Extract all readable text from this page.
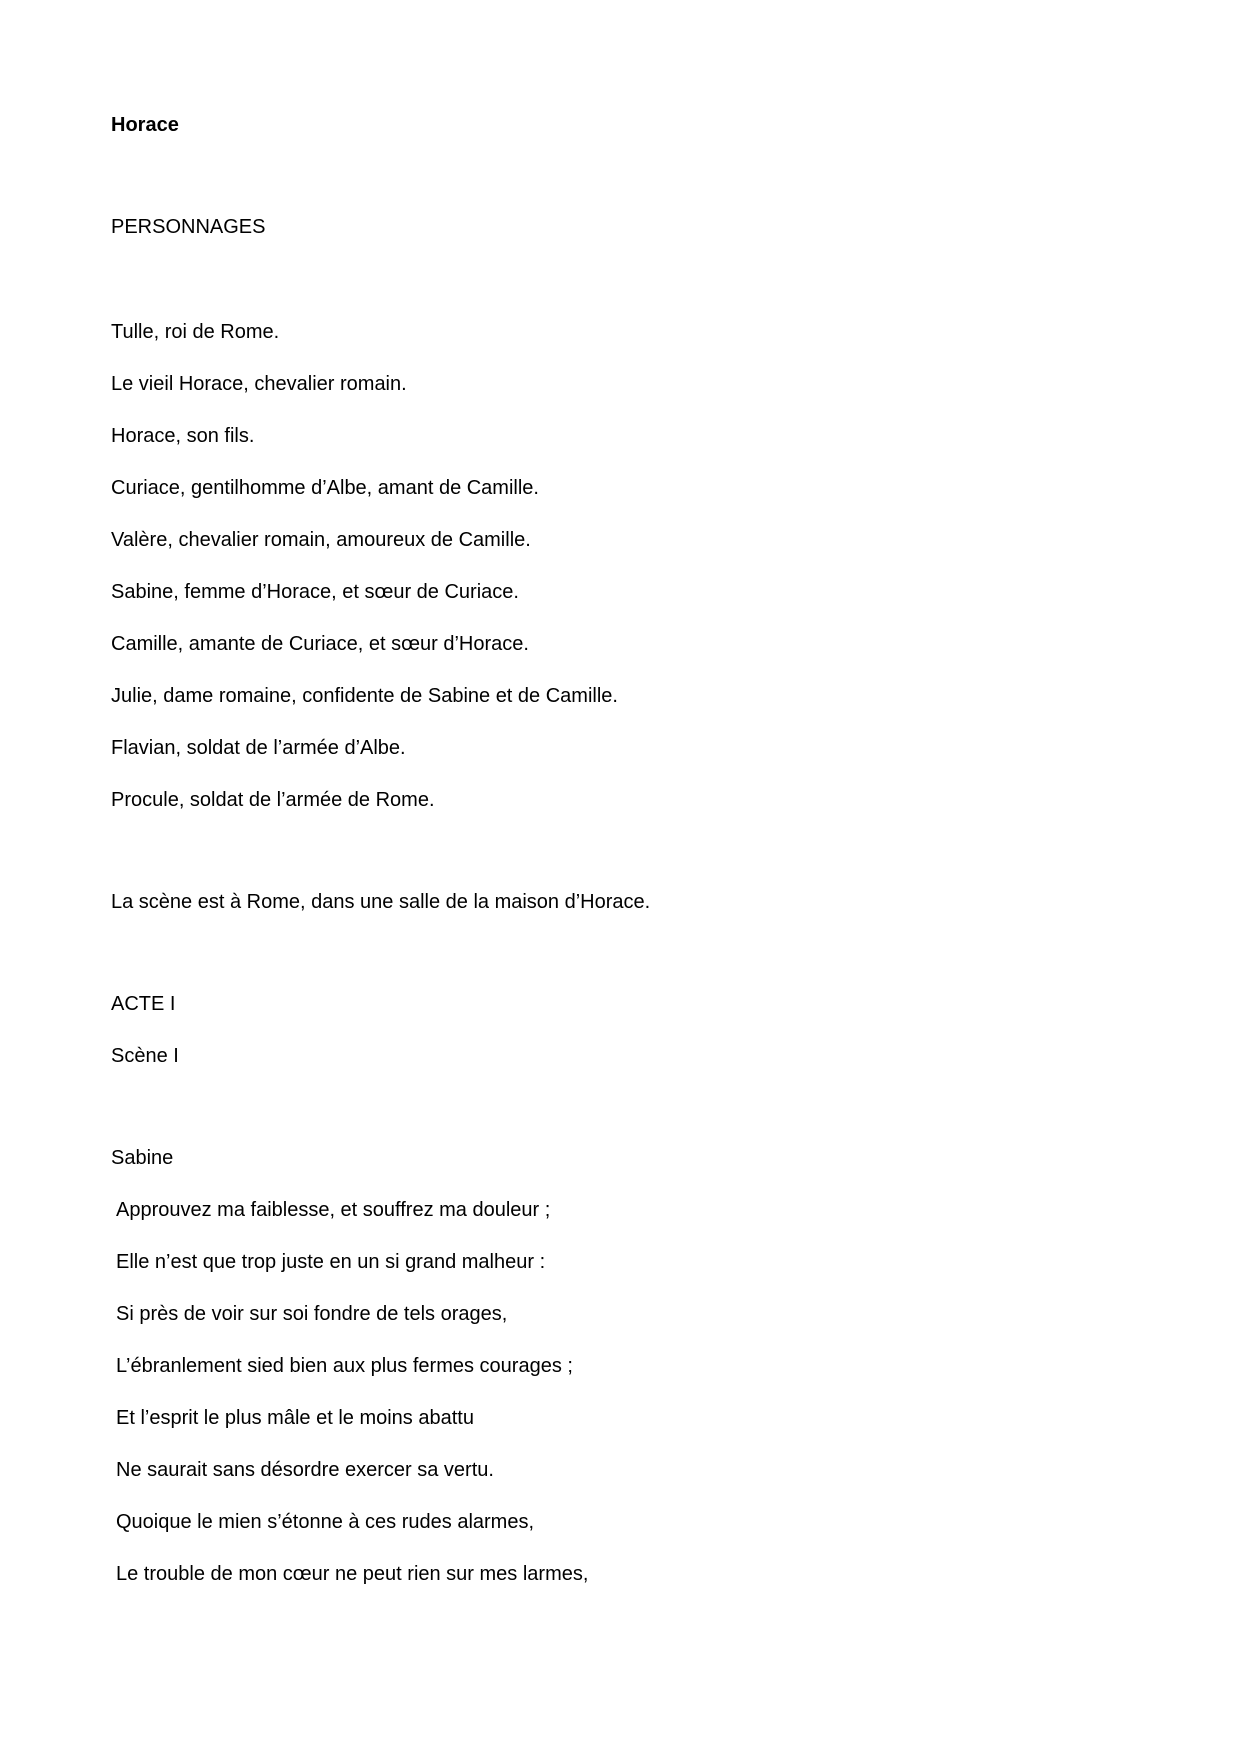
Horace
PERSONNAGES
Tulle, roi de Rome.
Le vieil Horace, chevalier romain.
Horace, son fils.
Curiace, gentilhomme d’Albe, amant de Camille.
Valère, chevalier romain, amoureux de Camille.
Sabine, femme d’Horace, et sœur de Curiace.
Camille, amante de Curiace, et sœur d’Horace.
Julie, dame romaine, confidente de Sabine et de Camille.
Flavian, soldat de l’armée d’Albe.
Procule, soldat de l’armée de Rome.
La scène est à Rome, dans une salle de la maison d’Horace.
ACTE I
Scène I
Sabine
Approuvez ma faiblesse, et souffrez ma douleur ;
Elle n’est que trop juste en un si grand malheur :
Si près de voir sur soi fondre de tels orages,
L’ébranlement sied bien aux plus fermes courages ;
Et l’esprit le plus mâle et le moins abattu
Ne saurait sans désordre exercer sa vertu.
Quoique le mien s’étonne à ces rudes alarmes,
Le trouble de mon cœur ne peut rien sur mes larmes,
